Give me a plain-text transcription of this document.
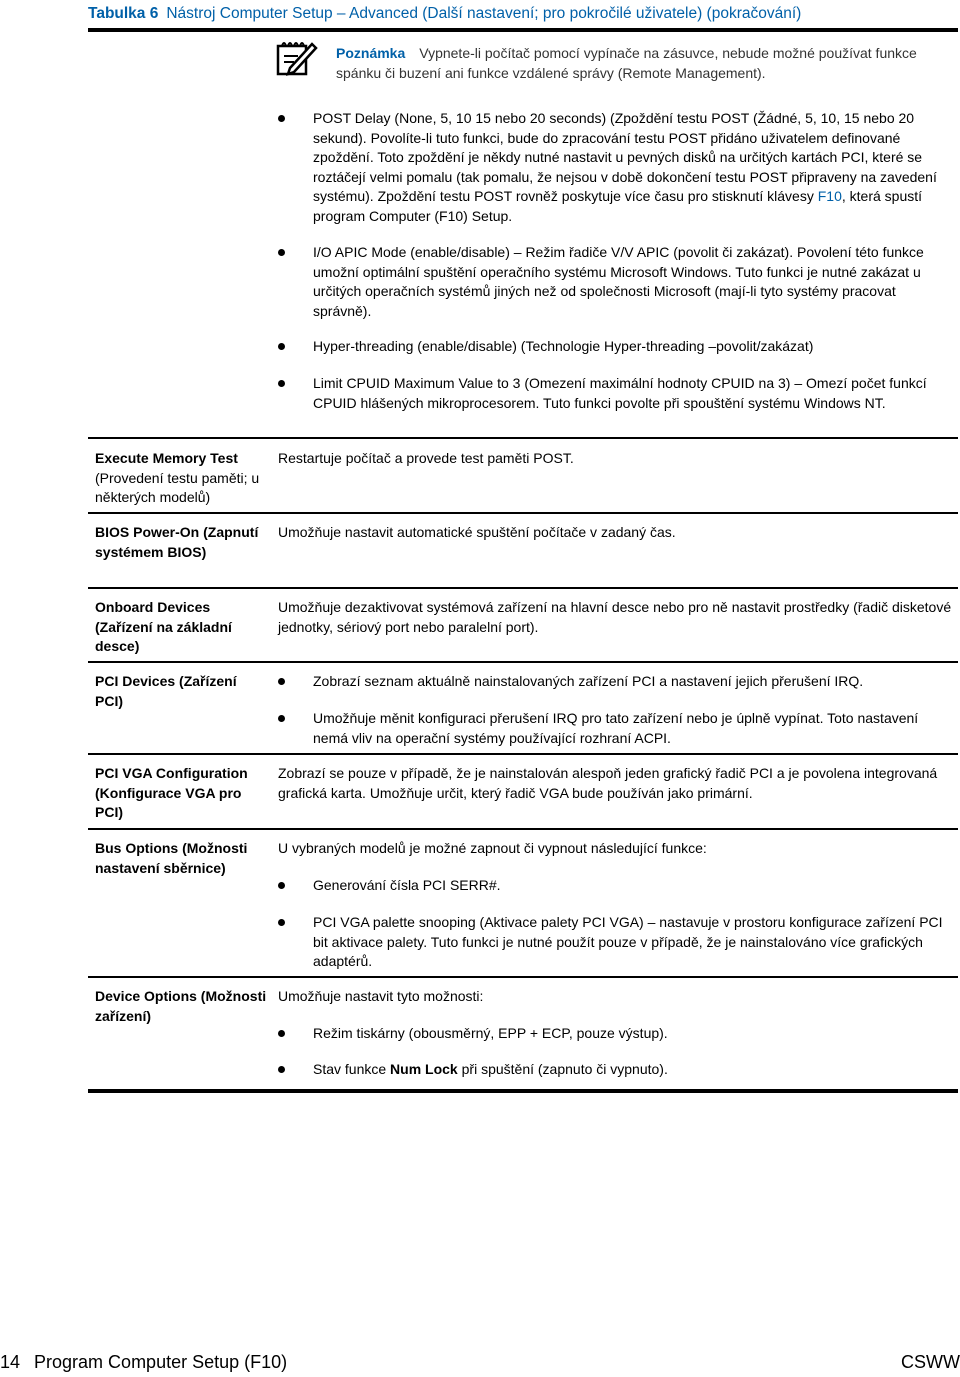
Tabulka 6 Nástroj Computer Setup – Advanced (Další nastavení; pro pokročilé uživatele) (pokračování)
Poznámka Vypnete-li počítač pomocí vypínače na zásuvce, nebude možné používat funkce spánku či buzení ani funkce vzdálené správy (Remote Management).
POST Delay (None, 5, 10 15 nebo 20 seconds) (Zpoždění testu POST (Žádné, 5, 10, 15 nebo 20 sekund). Povolíte-li tuto funkci, bude do zpracování testu POST přidáno uživatelem definované zpoždění. Toto zpoždění je někdy nutné nastavit u pevných disků na určitých kartách PCI, které se roztáčejí velmi pomalu (tak pomalu, že nejsou v době dokončení testu POST připraveny na zavedení systému). Zpoždění testu POST rovněž poskytuje více času pro stisknutí klávesy F10, která spustí program Computer (F10) Setup.
I/O APIC Mode (enable/disable) – Režim řadiče V/V APIC (povolit či zakázat). Povolení této funkce umožní optimální spuštění operačního systému Microsoft Windows. Tuto funkci je nutné zakázat u určitých operačních systémů jiných než od společnosti Microsoft (mají-li tyto systémy pracovat správně).
Hyper-threading (enable/disable) (Technologie Hyper-threading –povolit/zakázat)
Limit CPUID Maximum Value to 3 (Omezení maximální hodnoty CPUID na 3) – Omezí počet funkcí CPUID hlášených mikroprocesorem. Tuto funkci povolte při spouštění systému Windows NT.
Execute Memory Test
(Provedení testu paměti; u některých modelů)
Restartuje počítač a provede test paměti POST.
BIOS Power-On (Zapnutí systémem BIOS)
Umožňuje nastavit automatické spuštění počítače v zadaný čas.
Onboard Devices (Zařízení na základní desce)
Umožňuje dezaktivovat systémová zařízení na hlavní desce nebo pro ně nastavit prostředky (řadič disketové jednotky, sériový port nebo paralelní port).
PCI Devices (Zařízení PCI)
Zobrazí seznam aktuálně nainstalovaných zařízení PCI a nastavení jejich přerušení IRQ.
Umožňuje měnit konfiguraci přerušení IRQ pro tato zařízení nebo je úplně vypínat. Toto nastavení nemá vliv na operační systémy používající rozhraní ACPI.
PCI VGA Configuration (Konfigurace VGA pro PCI)
Zobrazí se pouze v případě, že je nainstalován alespoň jeden grafický řadič PCI a je povolena integrovaná grafická karta. Umožňuje určit, který řadič VGA bude používán jako primární.
Bus Options (Možnosti nastavení sběrnice)
U vybraných modelů je možné zapnout či vypnout následující funkce:
Generování čísla PCI SERR#.
PCI VGA palette snooping (Aktivace palety PCI VGA) – nastavuje v prostoru konfigurace zařízení PCI bit aktivace palety. Tuto funkci je nutné použít pouze v případě, že je nainstalováno více grafických adaptérů.
Device Options (Možnosti zařízení)
Umožňuje nastavit tyto možnosti:
Režim tiskárny (obousměrný, EPP + ECP, pouze výstup).
Stav funkce Num Lock při spuštění (zapnuto či vypnuto).
14 Program Computer Setup (F10)	CSWW
